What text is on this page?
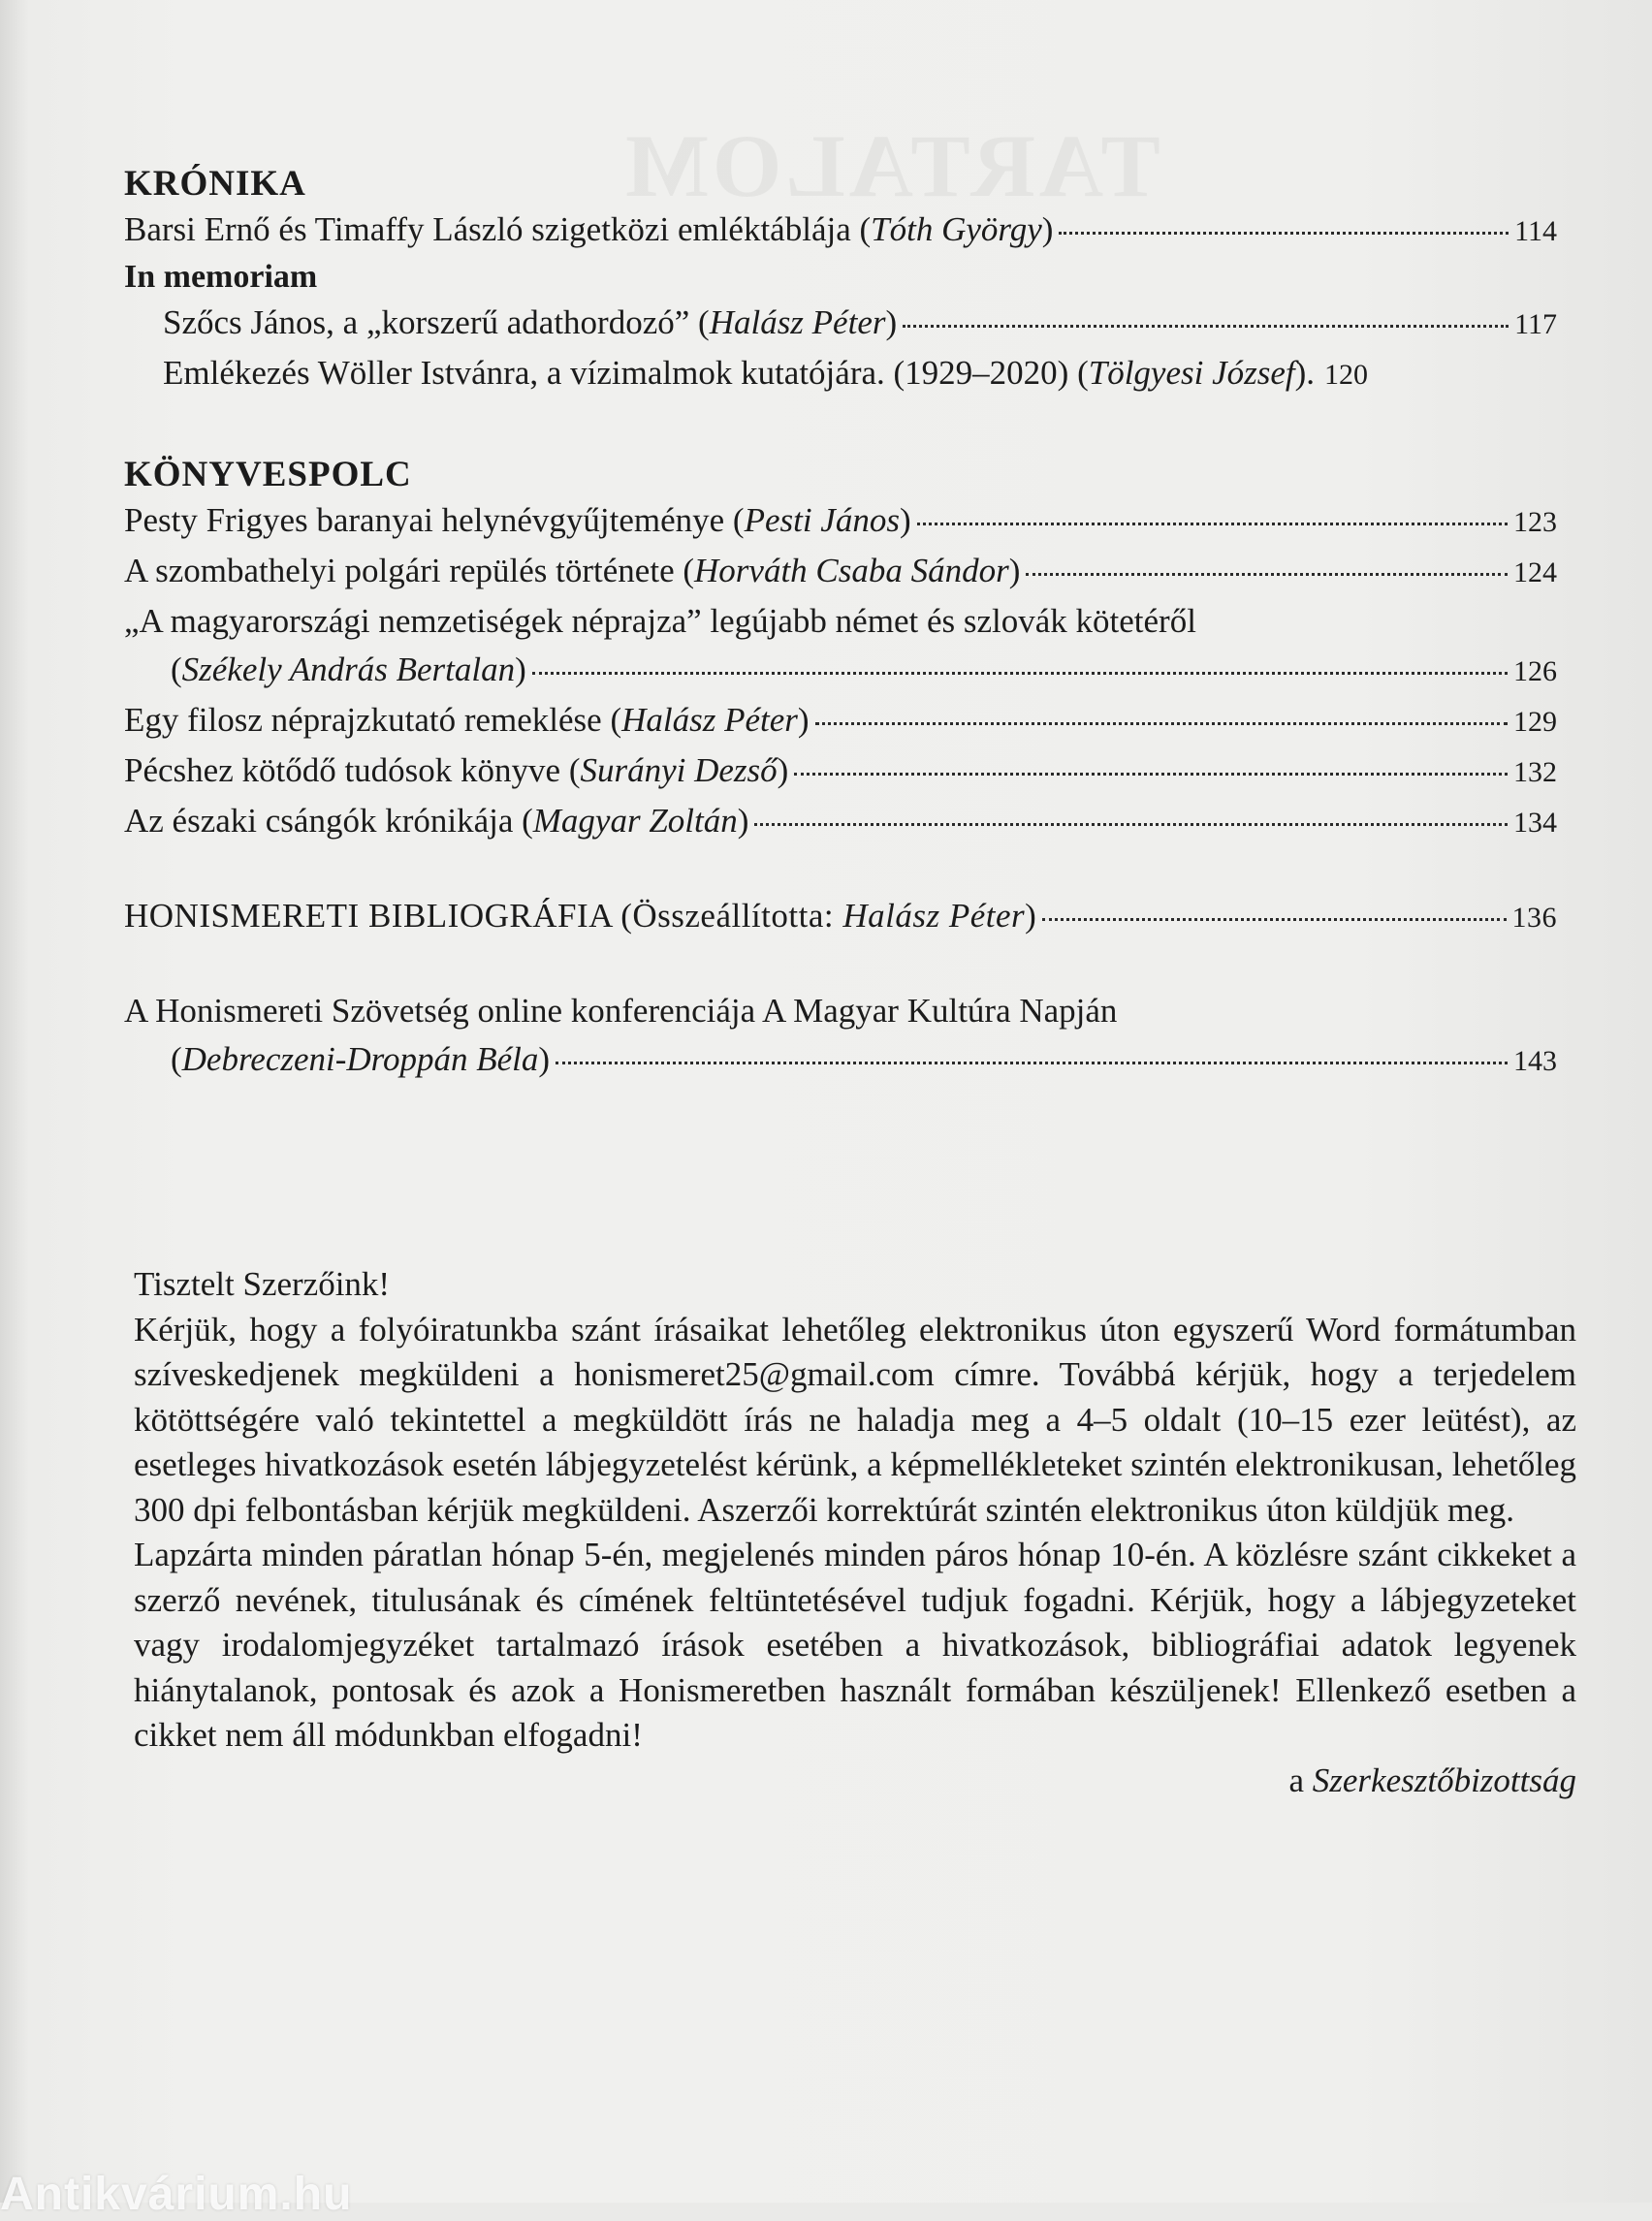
KRÓNIKA
Barsi Ernő és Timaffy László szigetközi emléktáblája (Tóth György)	114
In memoriam
Szőcs János, a „korszerű adathordozó” (Halász Péter)	117
Emlékezés Wöller Istvánra, a vízimalmok kutatójára. (1929–2020) (Tölgyesi József). 120
KÖNYVESPOLC
Pesty Frigyes baranyai helynévgyűjteménye (Pesti János)	123
A szombathelyi polgári repülés története (Horváth Csaba Sándor)	124
„A magyarországi nemzetiségek néprajza” legújabb német és szlovák kötetéről
(Székely András Bertalan)	126
Egy filosz néprajzkutató remeklése (Halász Péter)	129
Pécshez kötődő tudósok könyve (Surányi Dezső)	132
Az északi csángók krónikája (Magyar Zoltán)	134
HONISMERETI BIBLIOGRÁFIA (Összeállította: Halász Péter)	136
A Honismereti Szövetség online konferenciája A Magyar Kultúra Napján
(Debreczeni-Droppán Béla)	143

Tisztelt Szerzőink!

Kérjük, hogy a folyóiratunkba szánt írásaikat lehetőleg elektronikus úton egyszerű Word formátumban szíveskedjenek megküldeni a honismeret25@gmail.com címre. Továbbá kérjük, hogy a terjedelem kötöttségére való tekintettel a megküldött írás ne haladja meg a 4–5 oldalt (10–15 ezer leütést), az esetleges hivatkozások esetén lábjegyzetelést kérünk, a képmellékleteket szintén elektronikusan, lehetőleg 300 dpi felbontásban kérjük megküldeni. Aszerzői korrektúrát szintén elektronikus úton küldjük meg.

Lapzárta minden páratlan hónap 5-én, megjelenés minden páros hónap 10-én. A közlésre szánt cikkeket a szerző nevének, titulusának és címének feltüntetésével tudjuk fogadni. Kérjük, hogy a lábjegyzeteket vagy irodalomjegyzéket tartalmazó írások esetében a hivatkozások, bibliográfiai adatok legyenek hiánytalanok, pontosak és azok a Honismeretben használt formában készüljenek! Ellenkező esetben a cikket nem áll módunkban elfogadni!

a Szerkesztőbizottság
Antikvárium.hu
